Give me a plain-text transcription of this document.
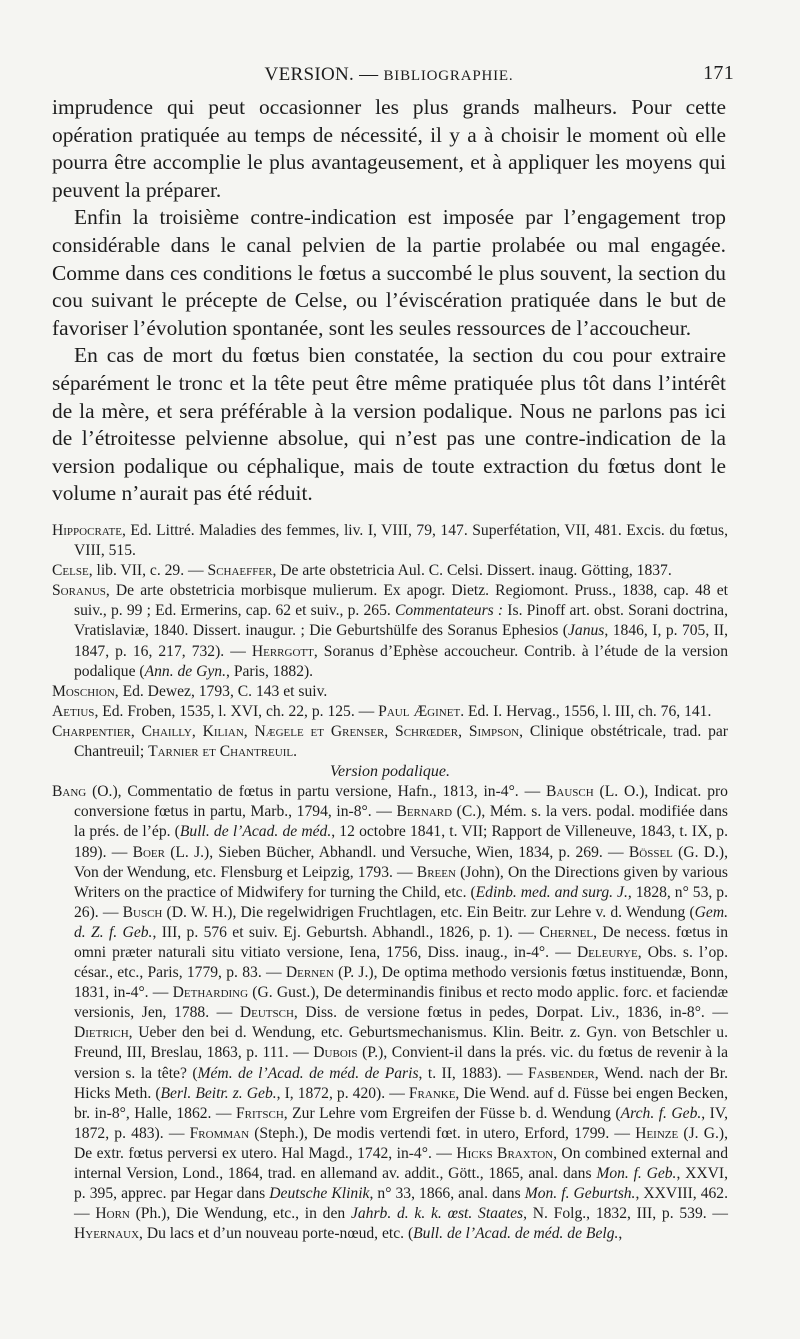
VERSION. — BIBLIOGRAPHIE.	171

imprudence qui peut occasionner les plus grands malheurs. Pour cette opération pratiquée au temps de nécessité, il y a à choisir le moment où elle pourra être accomplie le plus avantageusement, et à appliquer les moyens qui peuvent la préparer.

Enfin la troisième contre-indication est imposée par l’engagement trop considérable dans le canal pelvien de la partie prolabée ou mal engagée. Comme dans ces conditions le fœtus a succombé le plus souvent, la section du cou suivant le précepte de Celse, ou l’éviscération pratiquée dans le but de favoriser l’évolution spontanée, sont les seules ressources de l’accoucheur.

En cas de mort du fœtus bien constatée, la section du cou pour extraire séparément le tronc et la tête peut être même pratiquée plus tôt dans l’intérêt de la mère, et sera préférable à la version podalique. Nous ne parlons pas ici de l’étroitesse pelvienne absolue, qui n’est pas une contre-indication de la version podalique ou céphalique, mais de toute extraction du fœtus dont le volume n’aurait pas été réduit.

Hippocrate, Ed. Littré. Maladies des femmes, liv. I, VIII, 79, 147. Superfétation, VII, 481. Excis. du fœtus, VIII, 515.

Celse, lib. VII, c. 29. — Schaeffer, De arte obstetricia Aul. C. Celsi. Dissert. inaug. Götting, 1837.

Soranus, De arte obstetricia morbisque mulierum. Ex apogr. Dietz. Regiomont. Pruss., 1838, cap. 48 et suiv., p. 99 ; Ed. Ermerins, cap. 62 et suiv., p. 265. Commentateurs : Is. Pinoff art. obst. Sorani doctrina, Vratislaviæ, 1840. Dissert. inaugur. ; Die Geburtshülfe des Soranus Ephesios (Janus, 1846, I, p. 705, II, 1847, p. 16, 217, 732). — Herrgott, Soranus d’Ephèse accoucheur. Contrib. à l’étude de la version podalique (Ann. de Gyn., Paris, 1882).

Moschion, Ed. Dewez, 1793, C. 143 et suiv.

Aetius, Ed. Froben, 1535, l. XVI, ch. 22, p. 125. — Paul Æginet. Ed. I. Hervag., 1556, l. III, ch. 76, 141.

Charpentier, Chailly, Kilian, Nægele et Grenser, Schrœder, Simpson, Clinique obstétricale, trad. par Chantreuil; Tarnier et Chantreuil.

Version podalique.

Bang (O.), Commentatio de fœtus in partu versione, Hafn., 1813, in-4°. — Bausch (L. O.), Indicat. pro conversione fœtus in partu, Marb., 1794, in-8°. — Bernard (C.), Mém. s. la vers. podal. modifiée dans la prés. de l’ép. (Bull. de l’Acad. de méd., 12 octobre 1841, t. VII; Rapport de Villeneuve, 1843, t. IX, p. 189). — Boer (L. J.), Sieben Bücher, Abhandl. und Versuche, Wien, 1834, p. 269. — Bössel (G. D.), Von der Wendung, etc. Flensburg et Leipzig, 1793. — Breen (John), On the Directions given by various Writers on the practice of Midwifery for turning the Child, etc. (Edinb. med. and surg. J., 1828, n° 53, p. 26). — Busch (D. W. H.), Die regelwidrigen Fruchtlagen, etc. Ein Beitr. zur Lehre v. d. Wendung (Gem. d. Z. f. Geb., III, p. 576 et suiv. Ej. Geburtsh. Abhandl., 1826, p. 1). — Chernel, De necess. fœtus in omni præter naturali situ vitiato versione, Iena, 1756, Diss. inaug., in-4°. — Deleurye, Obs. s. l’op. césar., etc., Paris, 1779, p. 83. — Dernen (P. J.), De optima methodo versionis fœtus instituendæ, Bonn, 1831, in-4°. — Detharding (G. Gust.), De determinandis finibus et recto modo applic. forc. et faciendæ versionis, Jen, 1788. — Deutsch, Diss. de versione fœtus in pedes, Dorpat. Liv., 1836, in-8°. — Dietrich, Ueber den bei d. Wendung, etc. Geburtsmechanismus. Klin. Beitr. z. Gyn. von Betschler u. Freund, III, Breslau, 1863, p. 111. — Dubois (P.), Convient-il dans la prés. vic. du fœtus de revenir à la version s. la tête? (Mém. de l’Acad. de méd. de Paris, t. II, 1883). — Fasbender, Wend. nach der Br. Hicks Meth. (Berl. Beitr. z. Geb., I, 1872, p. 420). — Franke, Die Wend. auf d. Füsse bei engen Becken, br. in-8°, Halle, 1862. — Fritsch, Zur Lehre vom Ergreifen der Füsse b. d. Wendung (Arch. f. Geb., IV, 1872, p. 483). — Fromman (Steph.), De modis vertendi fœt. in utero, Erford, 1799. — Heinze (J. G.), De extr. fœtus perversi ex utero. Hal Magd., 1742, in-4°. — Hicks Braxton, On combined external and internal Version, Lond., 1864, trad. en allemand av. addit., Gött., 1865, anal. dans Mon. f. Geb., XXVI, p. 395, apprec. par Hegar dans Deutsche Klinik, n° 33, 1866, anal. dans Mon. f. Geburtsh., XXVIII, 462. — Horn (Ph.), Die Wendung, etc., in den Jahrb. d. k. k. œst. Staates, N. Folg., 1832, III, p. 539. — Hyernaux, Du lacs et d’un nouveau porte-nœud, etc. (Bull. de l’Acad. de méd. de Belg.,
